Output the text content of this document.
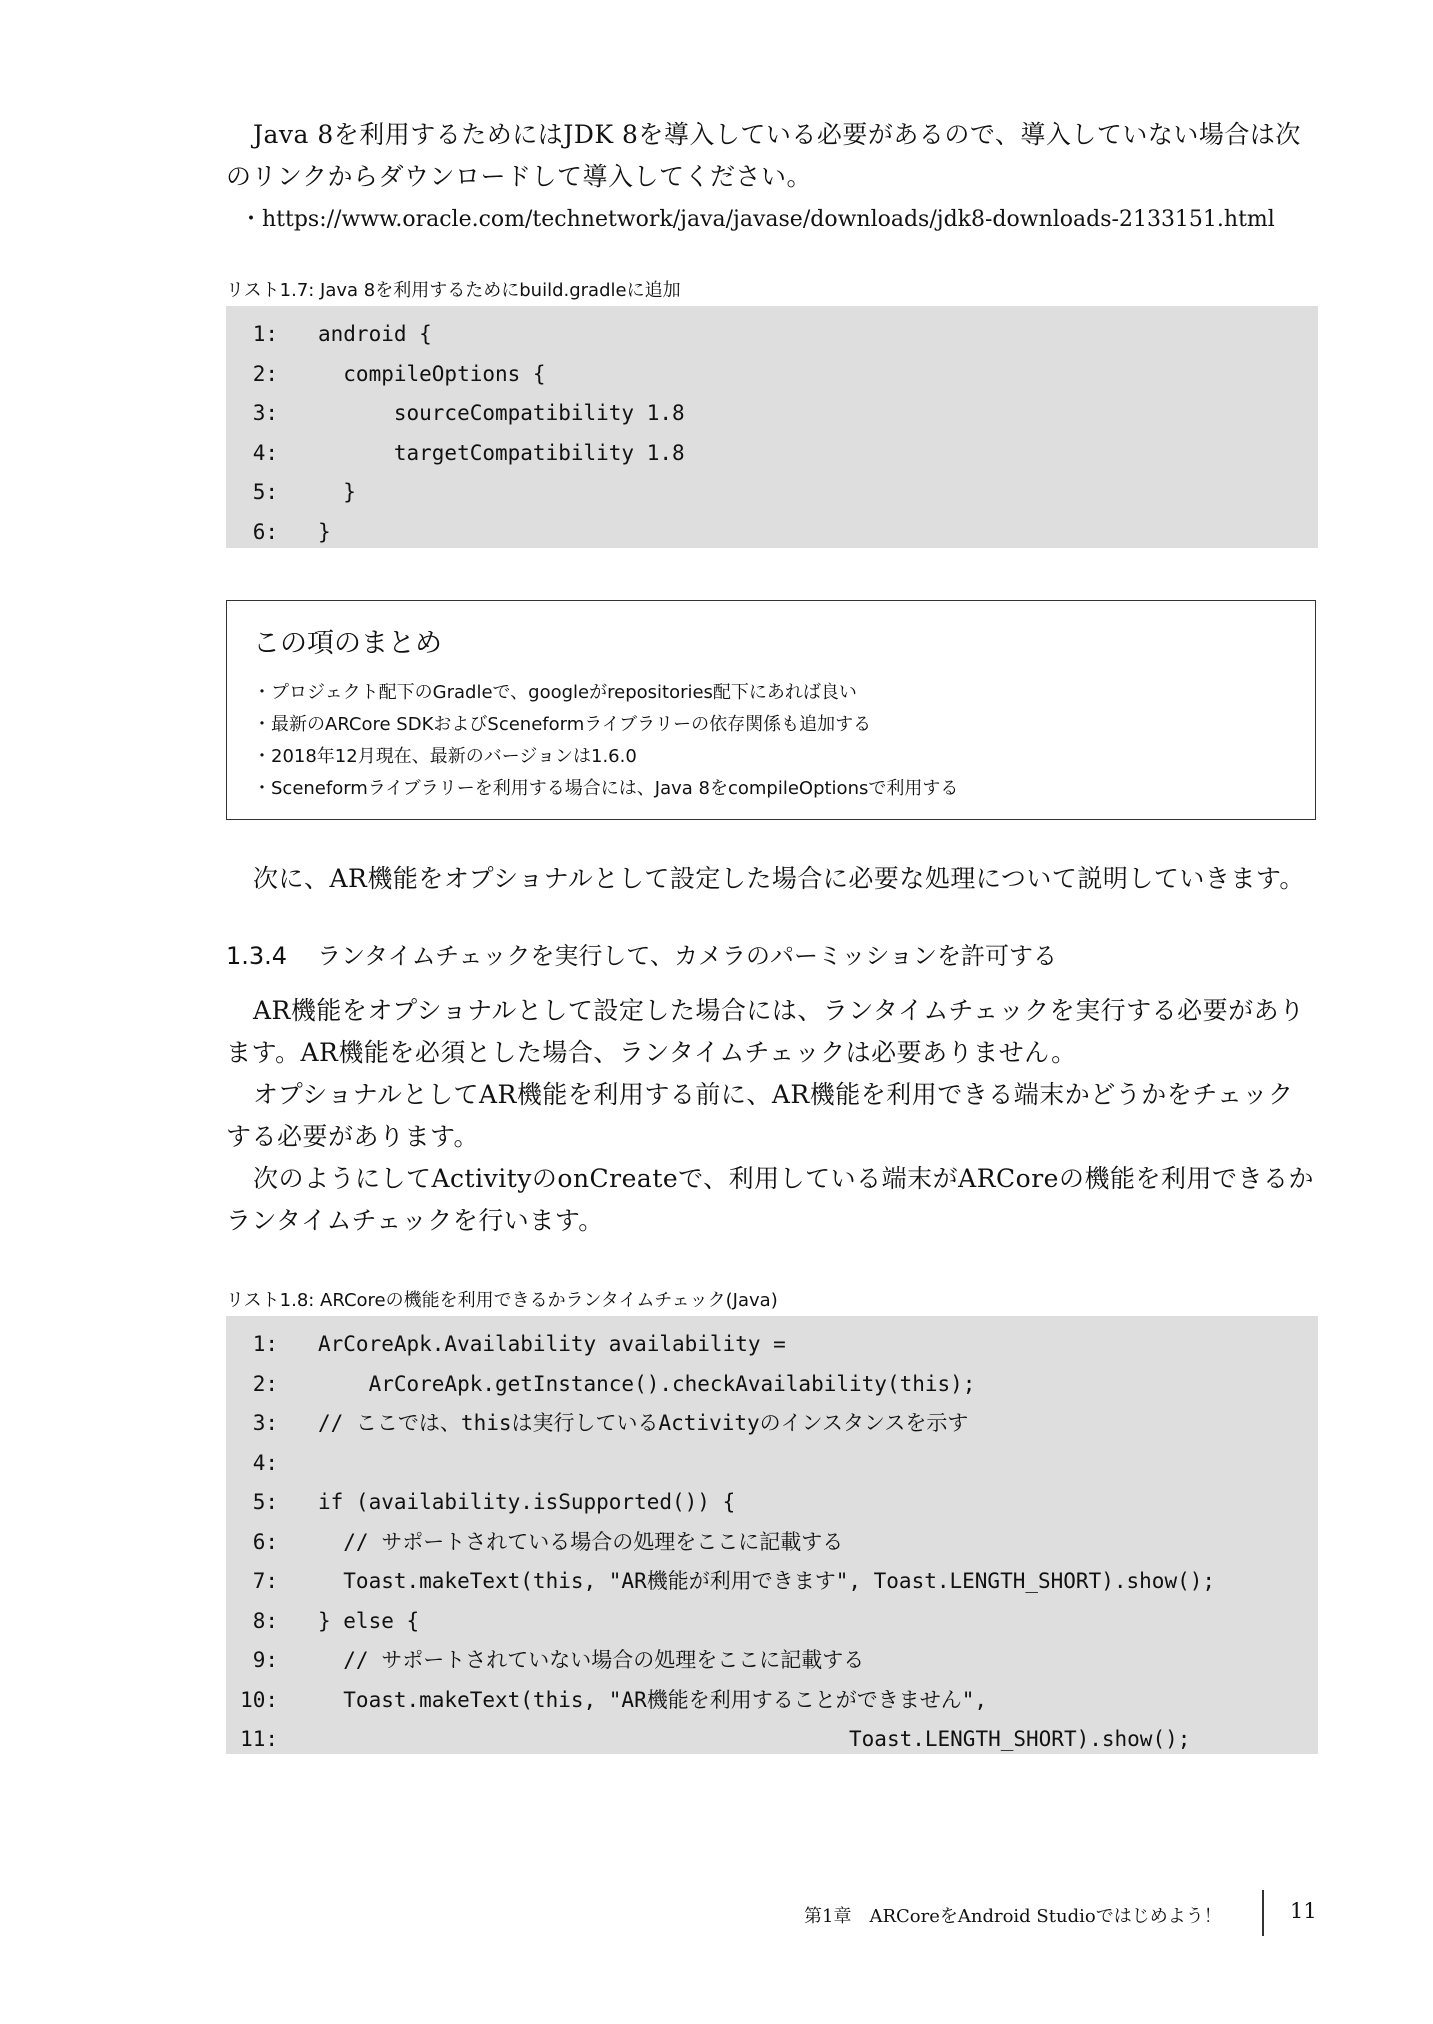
Java 8を利用するためにはJDK 8を導入している必要があるので、導入していない場合は次のリンクからダウンロードして導入してください。

・https://www.oracle.com/technetwork/java/javase/downloads/jdk8-downloads-2133151.html
リスト1.7: Java 8を利用するためにbuild.gradleに追加
1: android {
2: compileOptions {
3: sourceCompatibility 1.8
4: targetCompatibility 1.8
5: }
6: }
この項のまとめ
・プロジェクト配下のGradleで、googleがrepositories配下にあれば良い
・最新のARCore SDKおよびSceneformライブラリーの依存関係も追加する
・2018年12月現在、最新のバージョンは1.6.0
・Sceneformライブラリーを利用する場合には、Java 8をcompileOptionsで利用する

次に、AR機能をオプショナルとして設定した場合に必要な処理について説明していきます。

1.3.4 ランタイムチェックを実行して、カメラのパーミッションを許可する

AR機能をオプショナルとして設定した場合には、ランタイムチェックを実行する必要があります。AR機能を必須とした場合、ランタイムチェックは必要ありません。

オプショナルとしてAR機能を利用する前に、AR機能を利用できる端末かどうかをチェックする必要があります。

次のようにしてActivityのonCreateで、利用している端末がARCoreの機能を利用できるかランタイムチェックを行います。

リスト1.8: ARCoreの機能を利用できるかランタイムチェック(Java)
1: ArCoreApk.Availability availability =
2: ArCoreApk.getInstance().checkAvailability(this);
3: // ここでは、thisは実行しているActivityのインスタンスを示す
4:
5: if (availability.isSupported()) {
6: // サポートされている場合の処理をここに記載する
7: Toast.makeText(this, "AR機能が利用できます", Toast.LENGTH_SHORT).show();
8: } else {
9: // サポートされていない場合の処理をここに記載する
10: Toast.makeText(this, "AR機能を利用することができません",
11: Toast.LENGTH_SHORT).show();
第1章　ARCoreをAndroid Studioではじめよう！	11
